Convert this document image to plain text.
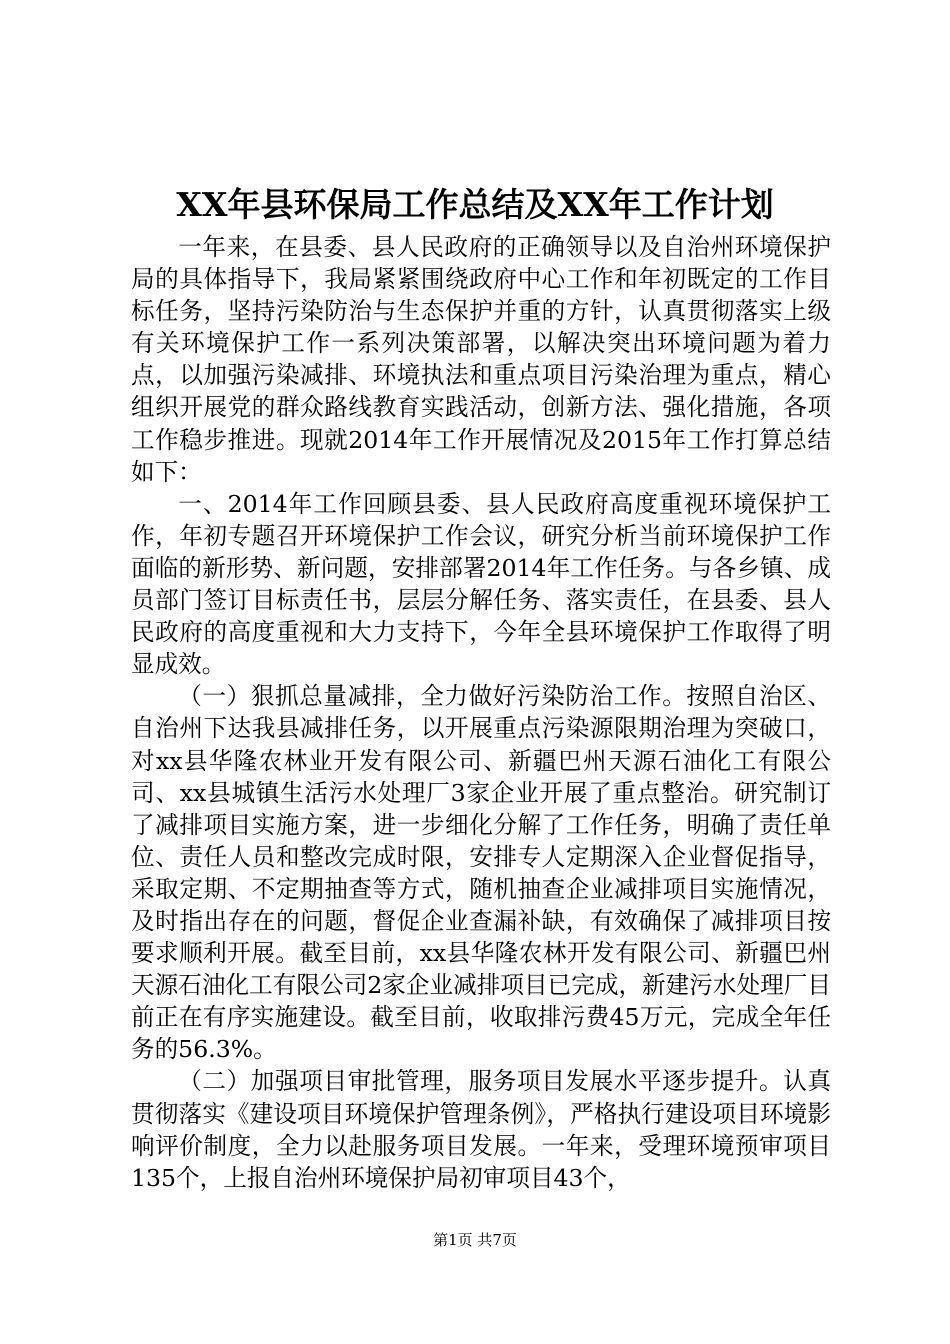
XX年县环保局工作总结及XX年工作计划

一年来，在县委、县人民政府的正确领导以及自治州环境保护局的具体指导下，我局紧紧围绕政府中心工作和年初既定的工作目标任务，坚持污染防治与生态保护并重的方针，认真贯彻落实上级有关环境保护工作一系列决策部署，以解决突出环境问题为着力点，以加强污染减排、环境执法和重点项目污染治理为重点，精心组织开展党的群众路线教育实践活动，创新方法、强化措施，各项工作稳步推进。现就2014年工作开展情况及2015年工作打算总结如下：

一、2014年工作回顾县委、县人民政府高度重视环境保护工作，年初专题召开环境保护工作会议，研究分析当前环境保护工作面临的新形势、新问题，安排部署2014年工作任务。与各乡镇、成员部门签订目标责任书，层层分解任务、落实责任，在县委、县人民政府的高度重视和大力支持下，今年全县环境保护工作取得了明显成效。

（一）狠抓总量减排，全力做好污染防治工作。按照自治区、自治州下达我县减排任务，以开展重点污染源限期治理为突破口，对xx县华隆农林业开发有限公司、新疆巴州天源石油化工有限公司、xx县城镇生活污水处理厂3家企业开展了重点整治。研究制订了减排项目实施方案，进一步细化分解了工作任务，明确了责任单位、责任人员和整改完成时限，安排专人定期深入企业督促指导，采取定期、不定期抽查等方式，随机抽查企业减排项目实施情况，及时指出存在的问题，督促企业查漏补缺，有效确保了减排项目按要求顺利开展。截至目前，xx县华隆农林开发有限公司、新疆巴州天源石油化工有限公司2家企业减排项目已完成，新建污水处理厂目前正在有序实施建设。截至目前，收取排污费45万元，完成全年任务的56.3%。

（二）加强项目审批管理，服务项目发展水平逐步提升。认真贯彻落实《建设项目环境保护管理条例》，严格执行建设项目环境影响评价制度，全力以赴服务项目发展。一年来，受理环境预审项目135个，上报自治州环境保护局初审项目43个，

第1页 共7页
